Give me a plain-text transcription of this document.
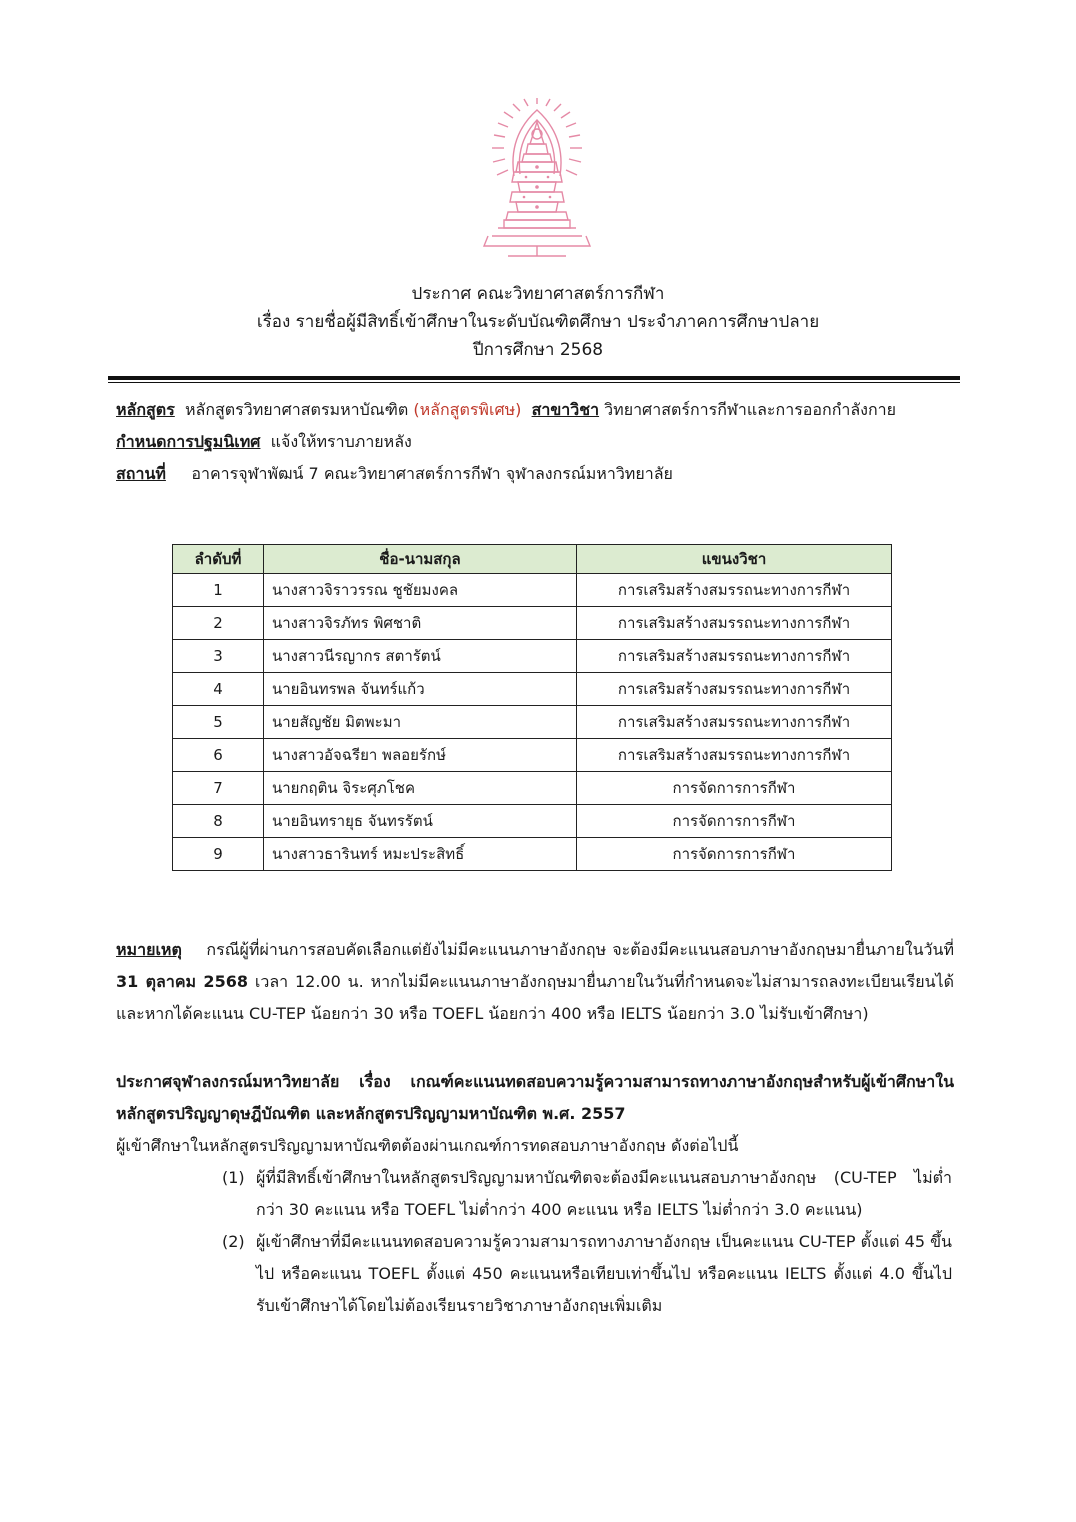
ประกาศ คณะวิทยาศาสตร์การกีฬา
เรื่อง รายชื่อผู้มีสิทธิ์เข้าศึกษาในระดับบัณฑิตศึกษา ประจำภาคการศึกษาปลาย
ปีการศึกษา 2568
หลักสูตร หลักสูตรวิทยาศาสตรมหาบัณฑิต (หลักสูตรพิเศษ) สาขาวิชา วิทยาศาสตร์การกีฬาและการออกกำลังกาย
กำหนดการปฐมนิเทศ แจ้งให้ทราบภายหลัง
สถานที่ อาคารจุฬาพัฒน์ 7 คณะวิทยาศาสตร์การกีฬา จุฬาลงกรณ์มหาวิทยาลัย
ลำดับที่	ชื่อ-นามสกุล	แขนงวิชา
1	นางสาวจิราวรรณ ชูชัยมงคล	การเสริมสร้างสมรรถนะทางการกีฬา
2	นางสาวจิรภัทร พิศชาติ	การเสริมสร้างสมรรถนะทางการกีฬา
3	นางสาวนีรญากร สตารัตน์	การเสริมสร้างสมรรถนะทางการกีฬา
4	นายอินทรพล จันทร์แก้ว	การเสริมสร้างสมรรถนะทางการกีฬา
5	นายสัญชัย มิตพะมา	การเสริมสร้างสมรรถนะทางการกีฬา
6	นางสาวอัจฉรียา พลอยรักษ์	การเสริมสร้างสมรรถนะทางการกีฬา
7	นายกฤติน จิระศุภโชค	การจัดการการกีฬา
8	นายอินทรายุธ จันทรรัตน์	การจัดการการกีฬา
9	นางสาวธารินทร์ หมะประสิทธิ์	การจัดการการกีฬา
หมายเหตุ กรณีผู้ที่ผ่านการสอบคัดเลือกแต่ยังไม่มีคะแนนภาษาอังกฤษ จะต้องมีคะแนนสอบภาษาอังกฤษมายื่นภายในวันที่ 31 ตุลาคม 2568 เวลา 12.00 น. หากไม่มีคะแนนภาษาอังกฤษมายื่นภายในวันที่กำหนดจะไม่สามารถลงทะเบียนเรียนได้ และหากได้คะแนน CU-TEP น้อยกว่า 30 หรือ TOEFL น้อยกว่า 400 หรือ IELTS น้อยกว่า 3.0 ไม่รับเข้าศึกษา)
ประกาศจุฬาลงกรณ์มหาวิทยาลัย เรื่อง เกณฑ์คะแนนทดสอบความรู้ความสามารถทางภาษาอังกฤษสำหรับผู้เข้าศึกษาในหลักสูตรปริญญาดุษฎีบัณฑิต และหลักสูตรปริญญามหาบัณฑิต พ.ศ. 2557
ผู้เข้าศึกษาในหลักสูตรปริญญามหาบัณฑิตต้องผ่านเกณฑ์การทดสอบภาษาอังกฤษ ดังต่อไปนี้
(1) ผู้ที่มีสิทธิ์เข้าศึกษาในหลักสูตรปริญญามหาบัณฑิตจะต้องมีคะแนนสอบภาษาอังกฤษ (CU-TEP ไม่ต่ำกว่า 30 คะแนน หรือ TOEFL ไม่ต่ำกว่า 400 คะแนน หรือ IELTS ไม่ต่ำกว่า 3.0 คะแนน)
(2) ผู้เข้าศึกษาที่มีคะแนนทดสอบความรู้ความสามารถทางภาษาอังกฤษ เป็นคะแนน CU-TEP ตั้งแต่ 45 ขึ้นไป หรือคะแนน TOEFL ตั้งแต่ 450 คะแนนหรือเทียบเท่าขึ้นไป หรือคะแนน IELTS ตั้งแต่ 4.0 ขึ้นไป รับเข้าศึกษาได้โดยไม่ต้องเรียนรายวิชาภาษาอังกฤษเพิ่มเติม
